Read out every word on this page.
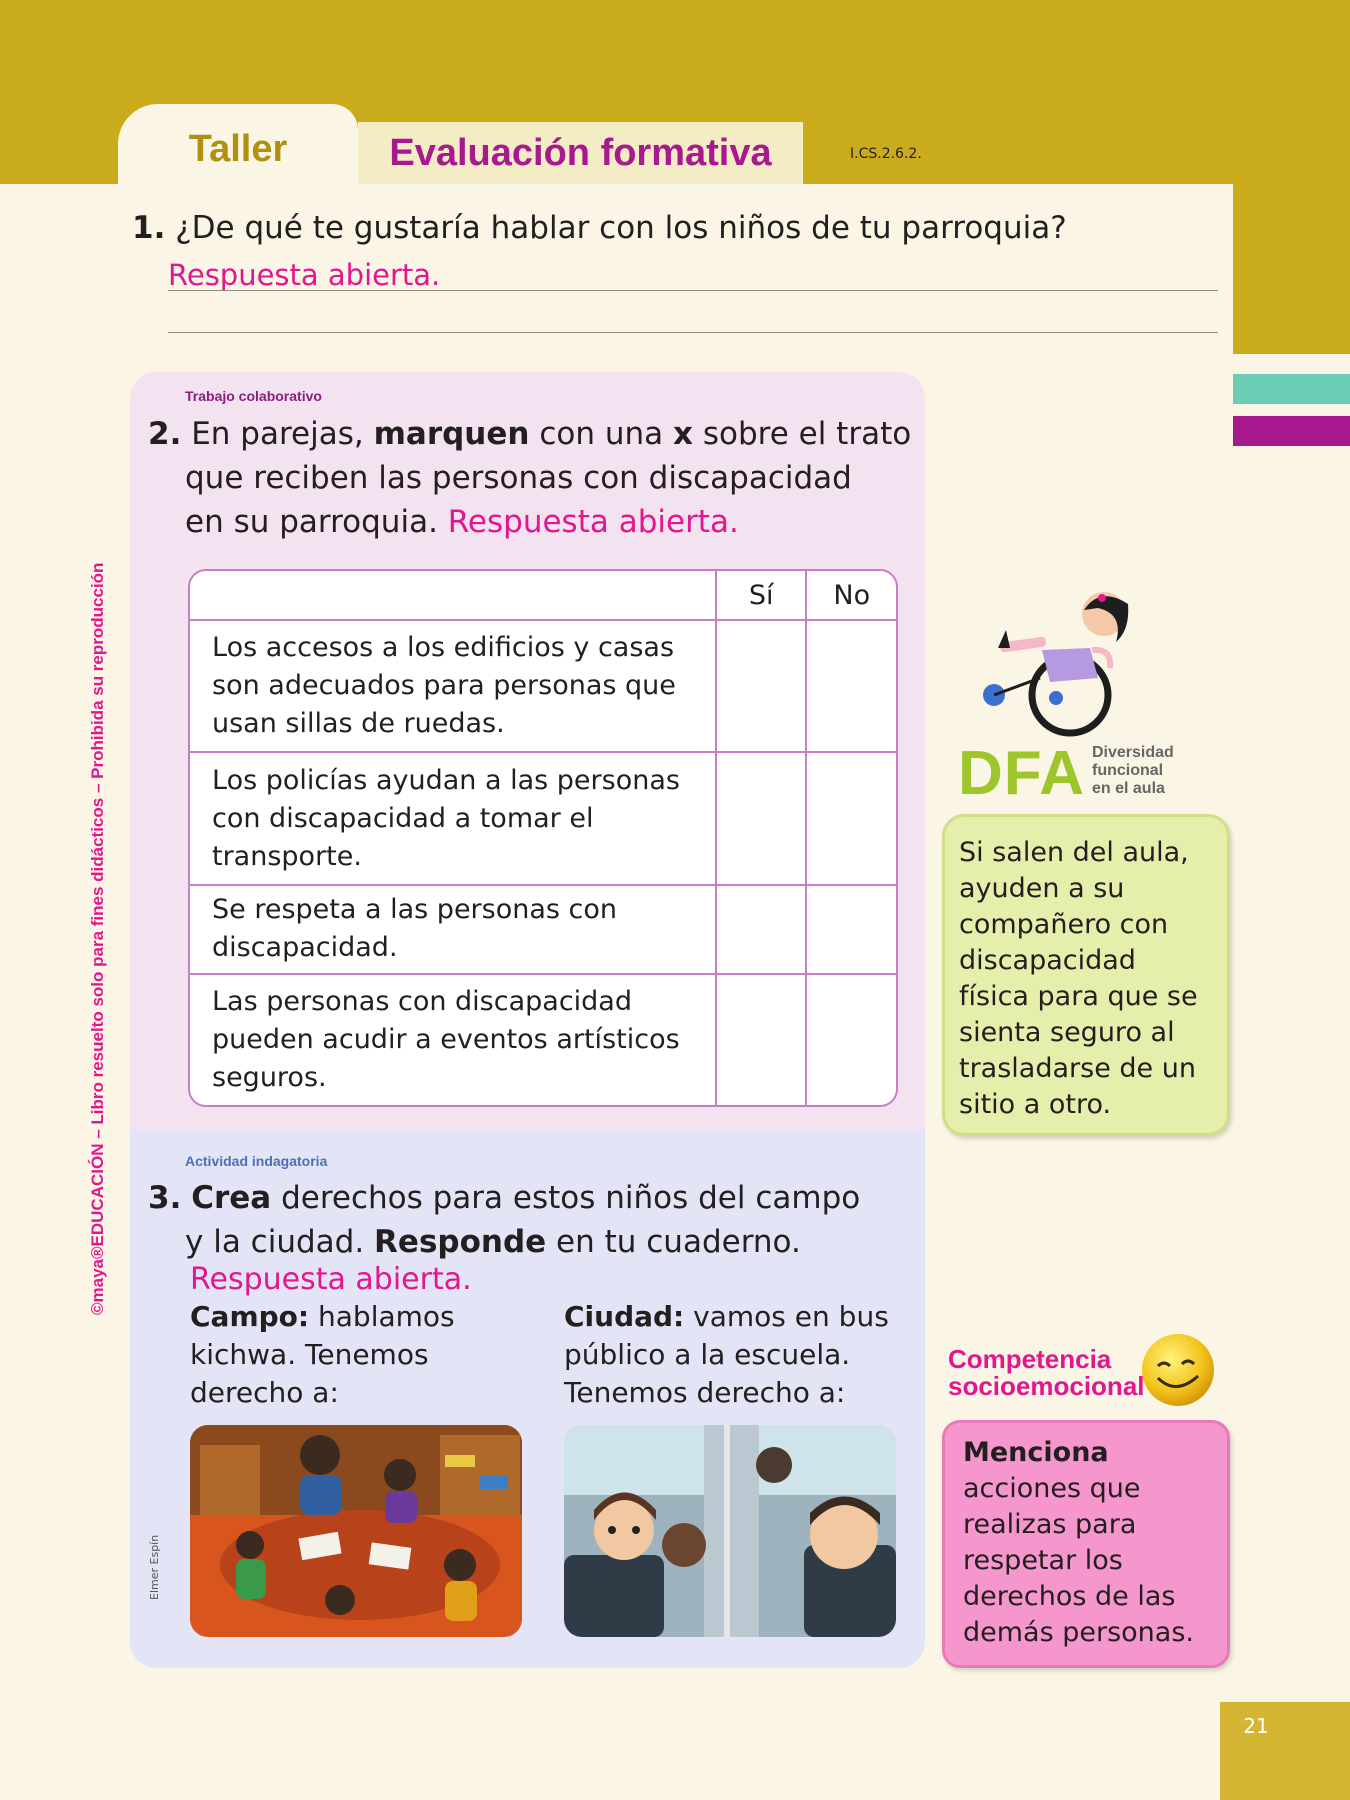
Taller	Evaluación formativa	I.CS.2.6.2.
1. ¿De qué te gustaría hablar con los niños de tu parroquia?
Respuesta abierta.
Trabajo colaborativo
2. En parejas, marquen con una x sobre el trato
que reciben las personas con discapacidad
en su parroquia. Respuesta abierta.
	Sí	No
Los accesos a los edificios y casas son adecuados para personas que usan sillas de ruedas.		
Los policías ayudan a las personas con discapacidad a tomar el transporte.		
Se respeta a las personas con discapacidad.		
Las personas con discapacidad pueden acudir a eventos artísticos seguros.		
Actividad indagatoria
3. Crea derechos para estos niños del campo
y la ciudad. Responde en tu cuaderno.
Respuesta abierta.
Campo: hablamos kichwa. Tenemos derecho a:
Ciudad: vamos en bus público a la escuela. Tenemos derecho a:
Elmer Espín
©maya®EDUCACIÓN – Libro resuelto solo para fines didácticos – Prohibida su reproducción	DFA Diversidad
funcional
en el aula
Si salen del aula, ayuden a su compañero con discapacidad física para que se sienta seguro al trasladarse de un sitio a otro.
Competencia
socioemocional
Menciona acciones que realizas para respetar los derechos de las demás personas.
21
